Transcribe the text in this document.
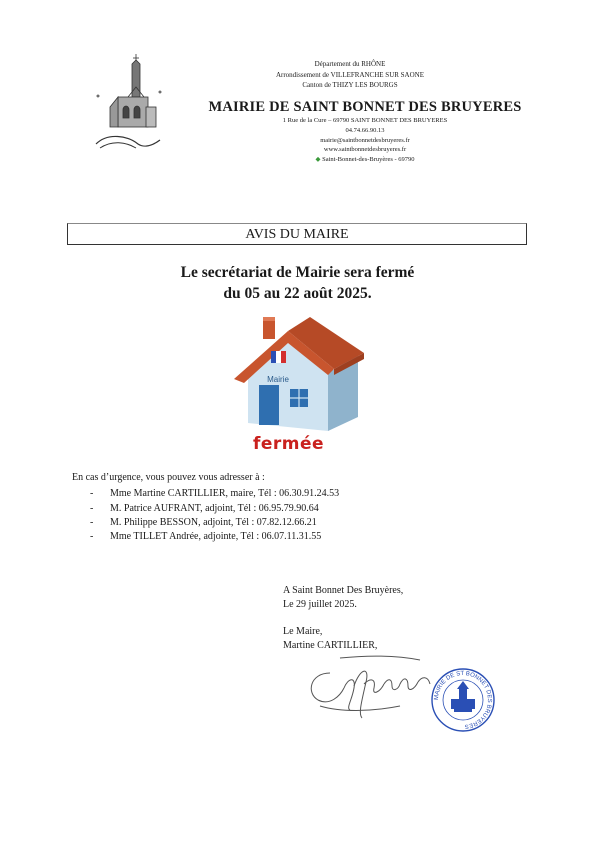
Département du RHÔNE
Arrondissement de VILLEFRANCHE SUR SAONE
Canton de THIZY LES BOURGS
MAIRIE DE SAINT BONNET DES BRUYERES
1 Rue de la Cure – 69790 SAINT BONNET DES BRUYERES
04.74.66.90.13
mairie@saintbonnetdesbruyeres.fr
www.saintbonnetdesbruyeres.fr
◆ Saint-Bonnet-des-Bruyères - 69790
AVIS DU MAIRE
Le secrétariat de Mairie sera fermé
du 05 au 22 août 2025.
Mairie
fermée
En cas d’urgence, vous pouvez vous adresser à :
- Mme Martine CARTILLIER, maire, Tél : 06.30.91.24.53
- M. Patrice AUFRANT, adjoint, Tél : 06.95.79.90.64
- M. Philippe BESSON, adjoint, Tél : 07.82.12.66.21
- Mme TILLET Andrée, adjointe, Tél : 06.07.11.31.55
A Saint Bonnet Des Bruyères,
Le 29 juillet 2025.
Le Maire,
Martine CARTILLIER,
MAIRIE DE ST BONNET DES BRUYERES
